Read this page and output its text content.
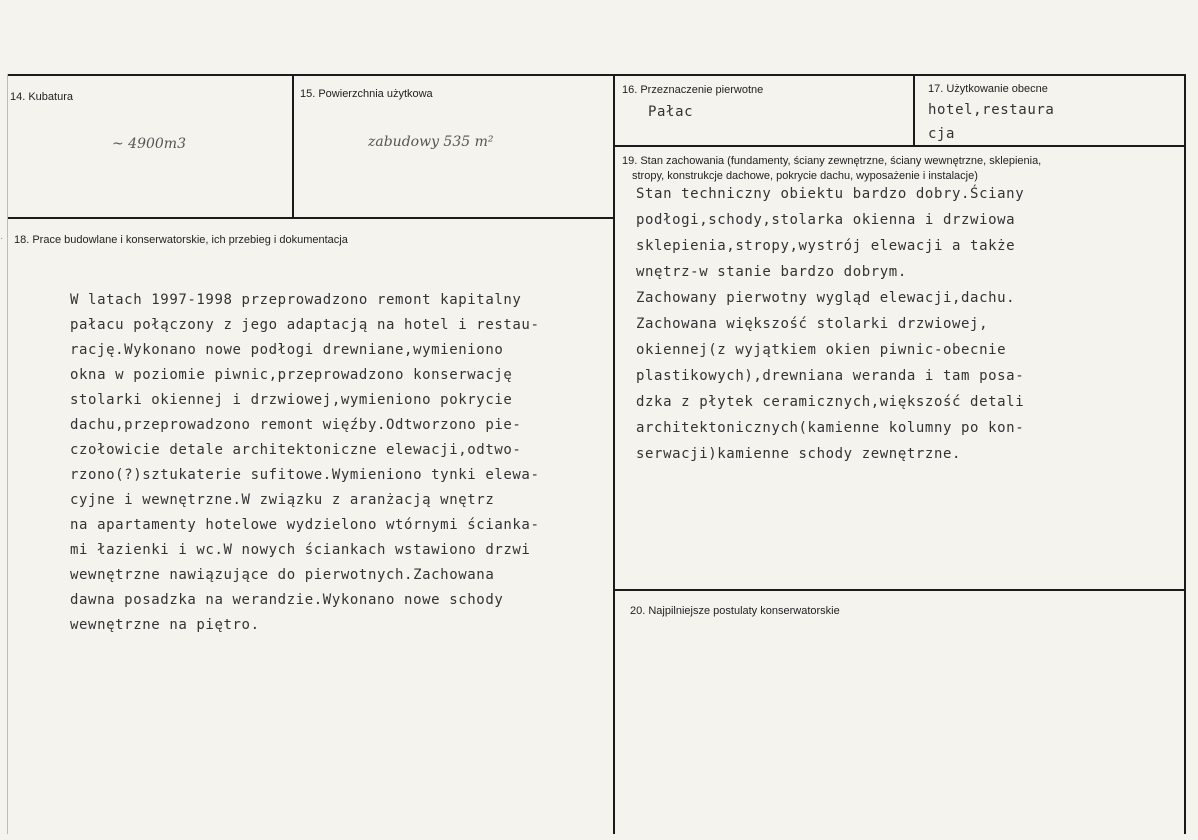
14. Kubatura
~ 4900m3
15. Powierzchnia użytkowa
zabudowy 535 m²
16. Przeznaczenie pierwotne
Pałac
17. Użytkowanie obecne
hotel,restaura
cja
18. Prace budowlane i konserwatorskie, ich przebieg i dokumentacja
·
W latach 1997-1998 przeprowadzono remont kapitalny
pałacu połączony z jego adaptacją na hotel i restau-
rację.Wykonano nowe podłogi drewniane,wymieniono
okna w poziomie piwnic,przeprowadzono konserwację
stolarki okiennej i drzwiowej,wymieniono pokrycie
dachu,przeprowadzono remont więźby.Odtworzono pie-
czołowicie detale architektoniczne elewacji,odtwo-
rzono(?)sztukaterie sufitowe.Wymieniono tynki elewa-
cyjne i wewnętrzne.W związku z aranżacją wnętrz
na apartamenty hotelowe wydzielono wtórnymi ścianka-
mi łazienki i wc.W nowych ściankach wstawiono drzwi
wewnętrzne nawiązujące do pierwotnych.Zachowana
dawna posadzka na werandzie.Wykonano nowe schody
wewnętrzne na piętro.
19. Stan zachowania (fundamenty, ściany zewnętrzne, ściany wewnętrzne, sklepienia,
stropy, konstrukcje dachowe, pokrycie dachu, wyposażenie i instalacje)
Stan techniczny obiektu bardzo dobry.Ściany
podłogi,schody,stolarka okienna i drzwiowa
sklepienia,stropy,wystrój elewacji a także
wnętrz-w stanie bardzo dobrym.
Zachowany pierwotny wygląd elewacji,dachu.
Zachowana większość stolarki drzwiowej,
okiennej(z wyjątkiem okien piwnic-obecnie
plastikowych),drewniana weranda i tam posa-
dzka z płytek ceramicznych,większość detali
architektonicznych(kamienne kolumny po kon-
serwacji)kamienne schody zewnętrzne.
20. Najpilniejsze postulaty konserwatorskie
